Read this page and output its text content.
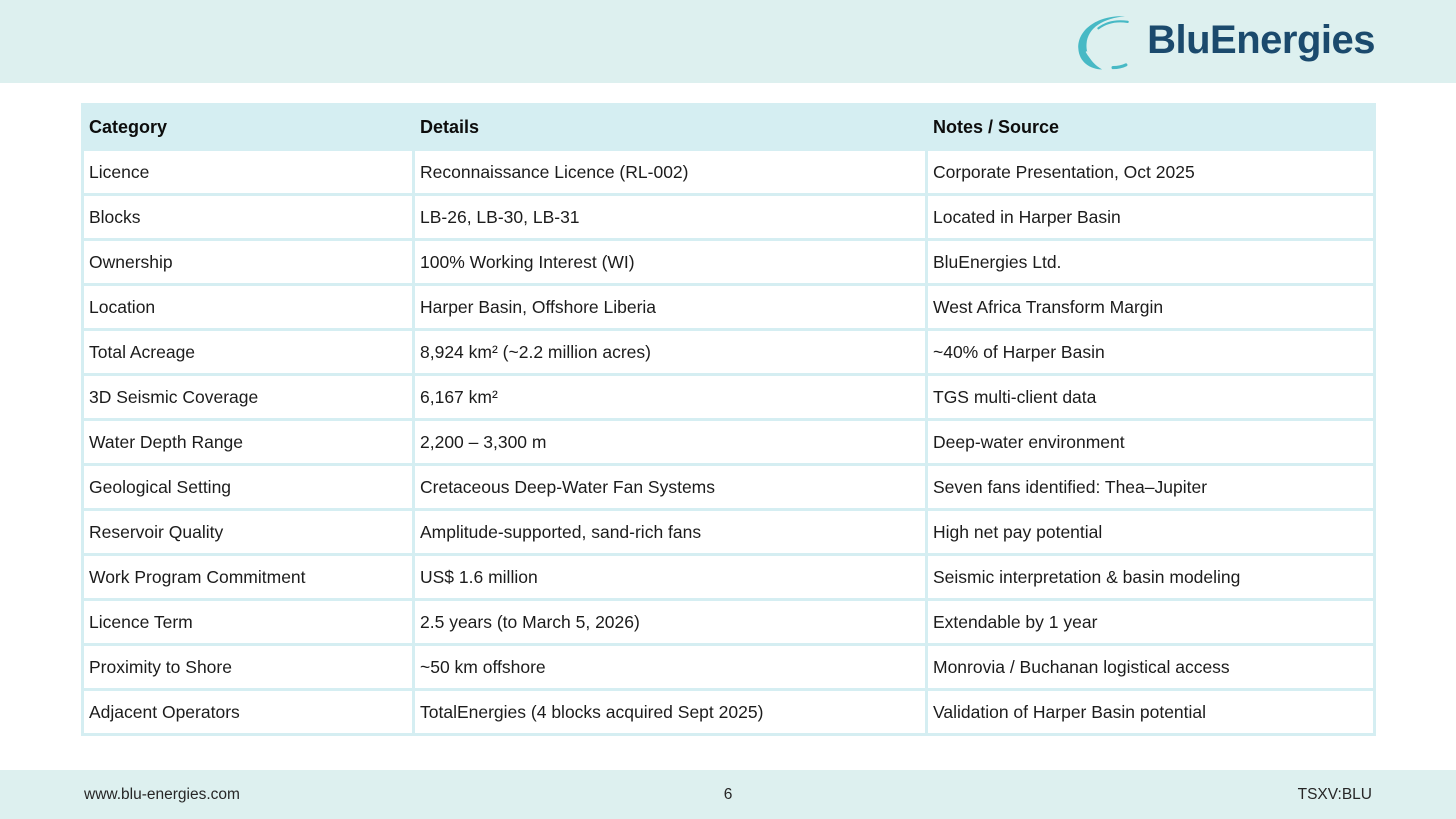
BluEnergies
Category	Details	Notes / Source
Licence	Reconnaissance Licence (RL-002)	Corporate Presentation, Oct 2025
Blocks	LB-26, LB-30, LB-31	Located in Harper Basin
Ownership	100% Working Interest (WI)	BluEnergies Ltd.
Location	Harper Basin, Offshore Liberia	West Africa Transform Margin
Total Acreage	8,924 km² (~2.2 million acres)	~40% of Harper Basin
3D Seismic Coverage	6,167 km²	TGS multi-client data
Water Depth Range	2,200 – 3,300 m	Deep-water environment
Geological Setting	Cretaceous Deep-Water Fan Systems	Seven fans identified: Thea–Jupiter
Reservoir Quality	Amplitude-supported, sand-rich fans	High net pay potential
Work Program Commitment	US$ 1.6 million	Seismic interpretation & basin modeling
Licence Term	2.5 years (to March 5, 2026)	Extendable by 1 year
Proximity to Shore	~50 km offshore	Monrovia / Buchanan logistical access
Adjacent Operators	TotalEnergies (4 blocks acquired Sept 2025)	Validation of Harper Basin potential
www.blu-energies.com	6	TSXV:BLU
